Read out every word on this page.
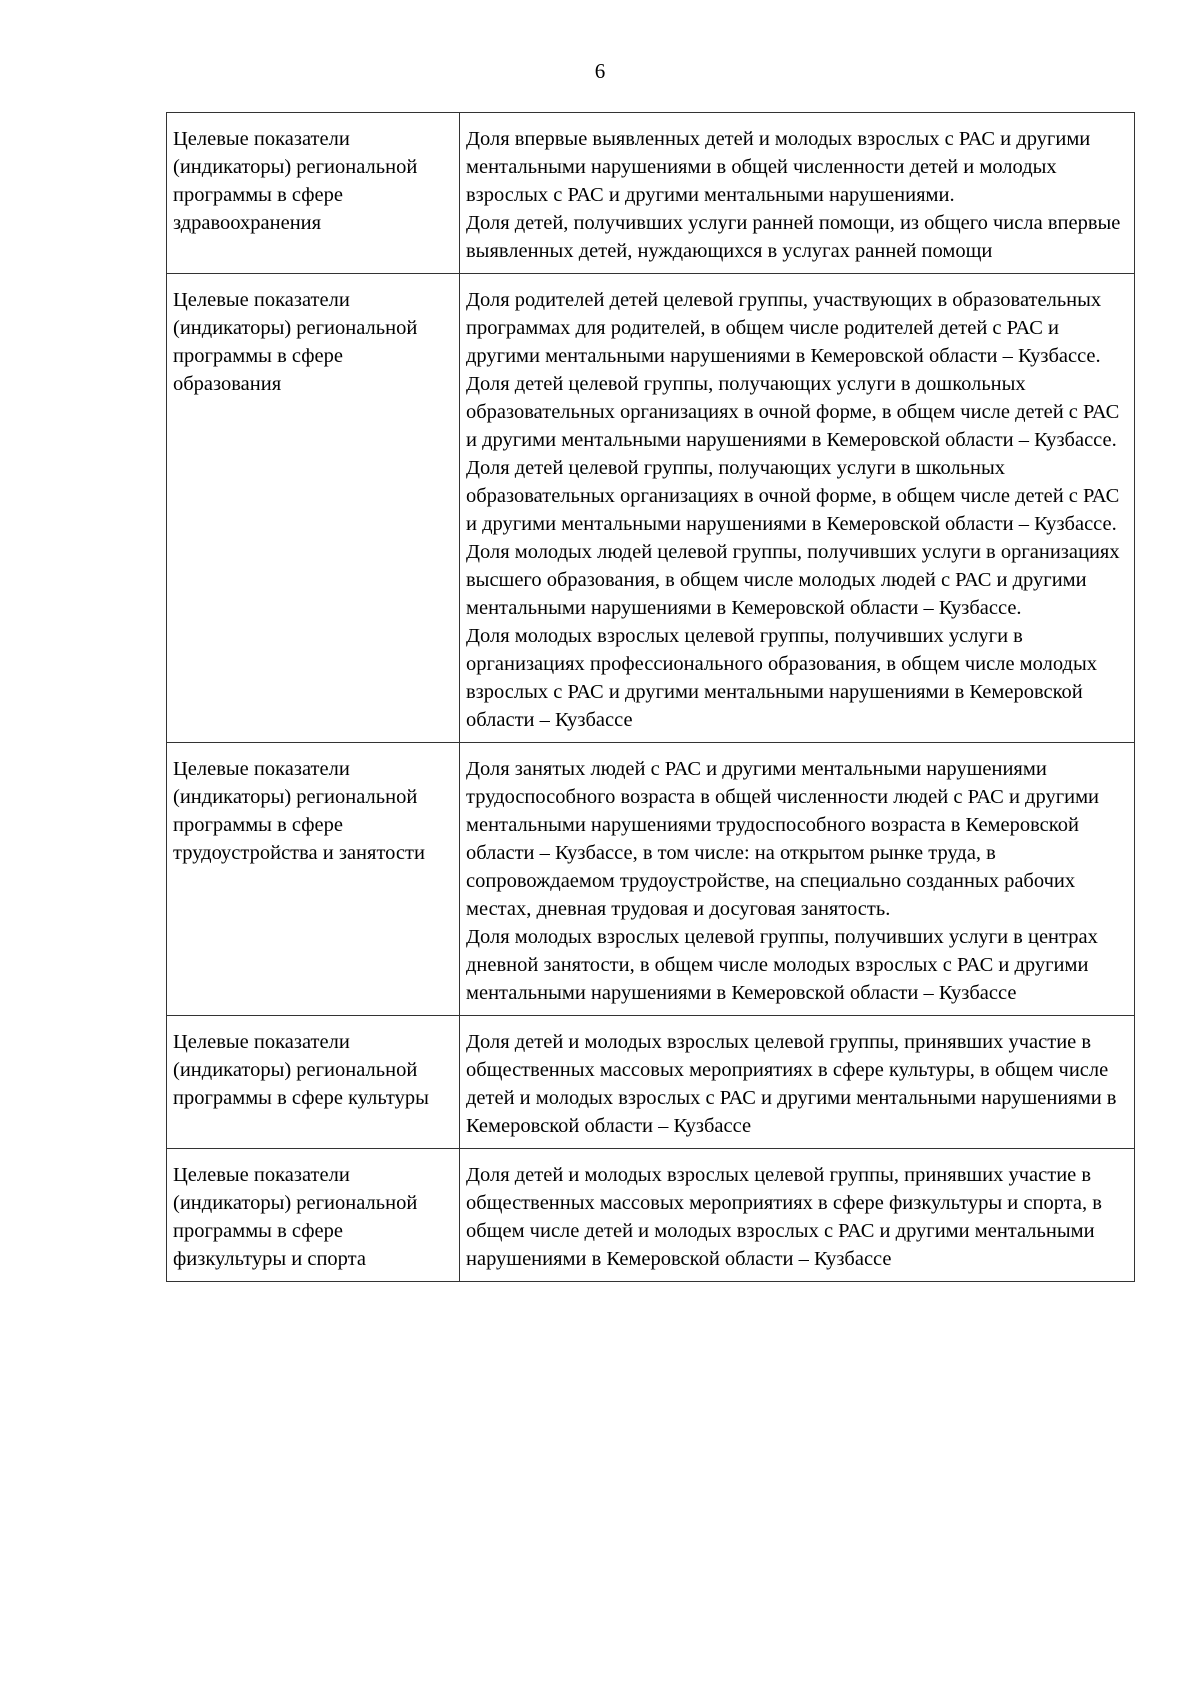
6
Целевые показатели (индикаторы) региональной программы в сфере здравоохранения	Доля впервые выявленных детей и молодых взрослых с РАС и другими ментальными нарушениями в общей численности детей и молодых взрослых с РАС и другими ментальными нарушениями.
Доля детей, получивших услуги ранней помощи, из общего числа впервые выявленных детей, нуждающихся в услугах ранней помощи

Целевые показатели (индикаторы) региональной программы в сфере образования	Доля родителей детей целевой группы, участвующих в образовательных программах для родителей, в общем числе родителей детей с РАС и другими ментальными нарушениями в Кемеровской области – Кузбассе.
Доля детей целевой группы, получающих услуги в дошкольных образовательных организациях в очной форме, в общем числе детей с РАС и другими ментальными нарушениями в Кемеровской области – Кузбассе.
Доля детей целевой группы, получающих услуги в школьных образовательных организациях в очной форме, в общем числе детей с РАС и другими ментальными нарушениями в Кемеровской области – Кузбассе.
Доля молодых людей целевой группы, получивших услуги в организациях высшего образования, в общем числе молодых людей с РАС и другими ментальными нарушениями в Кемеровской области – Кузбассе.
Доля молодых взрослых целевой группы, получивших услуги в организациях профессионального образования, в общем числе молодых взрослых с РАС и другими ментальными нарушениями в Кемеровской области – Кузбассе

Целевые показатели (индикаторы) региональной программы в сфере трудоустройства и занятости	Доля занятых людей с РАС и другими ментальными нарушениями трудоспособного возраста в общей численности людей с РАС и другими ментальными нарушениями трудоспособного возраста в Кемеровской области – Кузбассе, в том числе: на открытом рынке труда, в сопровождаемом трудоустройстве, на специально созданных рабочих местах, дневная трудовая и досуговая занятость.
Доля молодых взрослых целевой группы, получивших услуги в центрах дневной занятости, в общем числе молодых взрослых с РАС и другими ментальными нарушениями в Кемеровской области – Кузбассе

Целевые показатели (индикаторы) региональной программы в сфере культуры	Доля детей и молодых взрослых целевой группы, принявших участие в общественных массовых мероприятиях в сфере культуры, в общем числе детей и молодых взрослых с РАС и другими ментальными нарушениями в Кемеровской области – Кузбассе

Целевые показатели (индикаторы) региональной программы в сфере физкультуры и спорта	Доля детей и молодых взрослых целевой группы, принявших участие в общественных массовых мероприятиях в сфере физкультуры и спорта, в общем числе детей и молодых взрослых с РАС и другими ментальными нарушениями в Кемеровской области – Кузбассе
